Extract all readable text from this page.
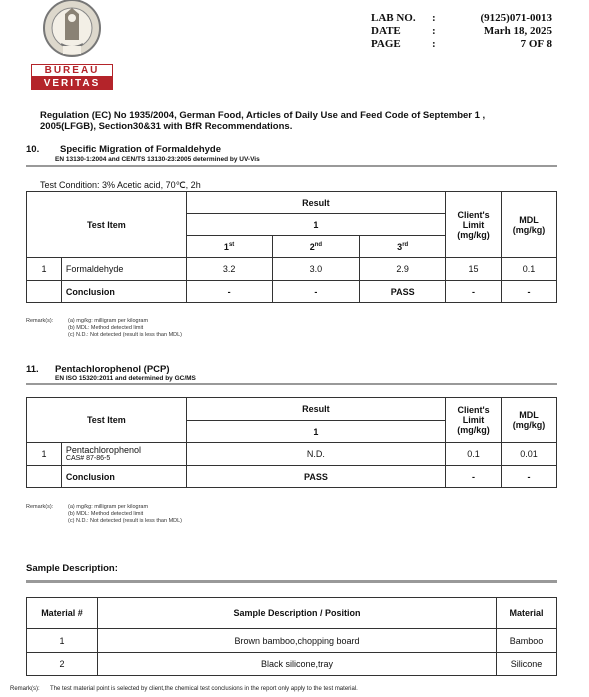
BUREAU
VERITAS
LAB NO.
DATE
PAGE
:
:
:
(9125)071-0013
Marh 18, 2025
7 OF 8
Regulation (EC) No 1935/2004, German Food, Articles of Daily Use and Feed Code of September 1 , 2005(LFGB), Section30&31 with BfR Recommendations.
10. Specific Migration of Formaldehyde
EN 13130-1:2004 and CEN/TS 13130-23:2005 determined by UV-Vis
Test Condition: 3% Acetic acid, 70℃, 2h
Test Item		Result			Client's Limit (mg/kg)	MDL (mg/kg)
		1				
		1st	2nd	3rd
1	Formaldehyde	3.2	3.0	2.9	15	0.1
	Conclusion	-	-	PASS	-	-
Remark(s):	(a) mg/kg: milligram per kilogram
(b) MDL: Method detected limit
(c) N.D.: Not detected (result is less than MDL)
11. Pentachlorophenol (PCP)
EN ISO 15320:2011 and determined by GC/MS
Test Item		Result	Client's Limit (mg/kg)	MDL (mg/kg)
		1		
1	Pentachlorophenol
CAS# 87-86-5	N.D.	0.1	0.01
	Conclusion	PASS	-	-
Remark(s):	(a) mg/kg: milligram per kilogram
(b) MDL: Method detected limit
(c) N.D.: Not detected (result is less than MDL)
Sample Description:
Material #	Sample Description / Position	Material
1	Brown bamboo,chopping board	Bamboo
2	Black silicone,tray	Silicone
Remark(s): The test material point is selected by client,the chemical test conclusions in the report only apply to the test material.
